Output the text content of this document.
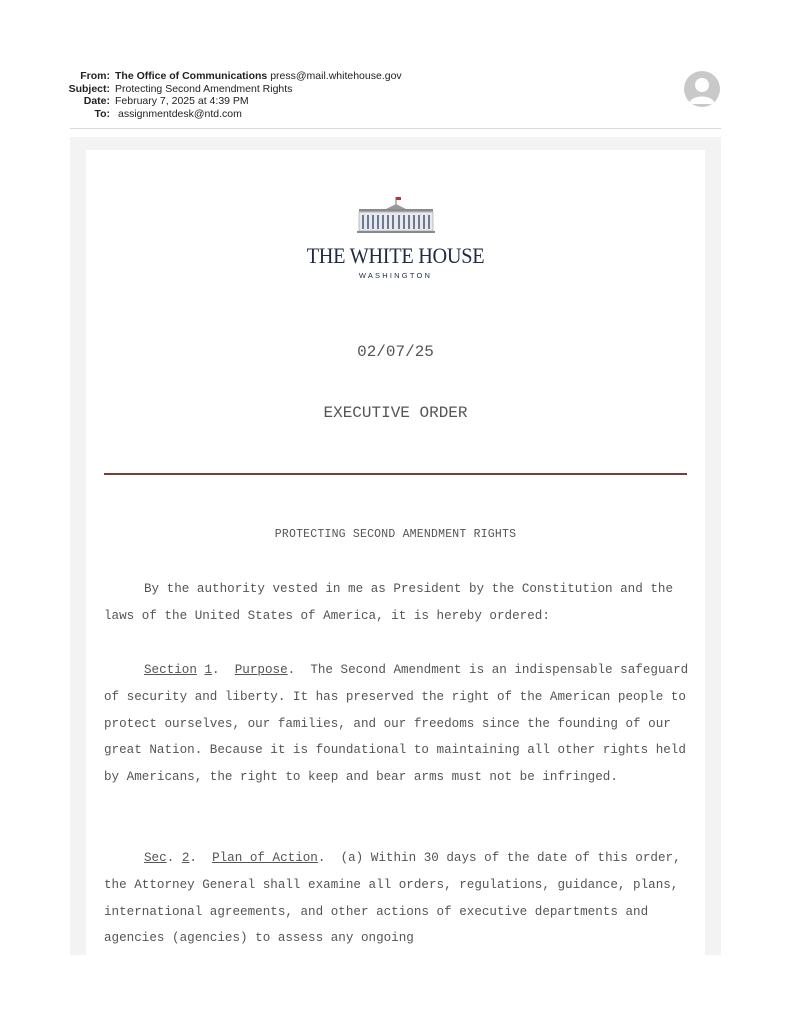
From: The Office of Communications press@mail.whitehouse.gov
Subject: Protecting Second Amendment Rights
Date: February 7, 2025 at 4:39 PM
To: assignmentdesk@ntd.com
THE WHITE HOUSE
WASHINGTON
02/07/25
EXECUTIVE ORDER
PROTECTING SECOND AMENDMENT RIGHTS
By the authority vested in me as President by the Constitution and the laws of the United States of America, it is hereby ordered:
Section 1.  Purpose.  The Second Amendment is an indispensable safeguard of security and liberty. It has preserved the right of the American people to protect ourselves, our families, and our freedoms since the founding of our great Nation. Because it is foundational to maintaining all other rights held by Americans, the right to keep and bear arms must not be infringed.
Sec. 2.  Plan of Action.  (a) Within 30 days of the date of this order, the Attorney General shall examine all orders, regulations, guidance, plans, international agreements, and other actions of executive departments and agencies (agencies) to assess any ongoing
